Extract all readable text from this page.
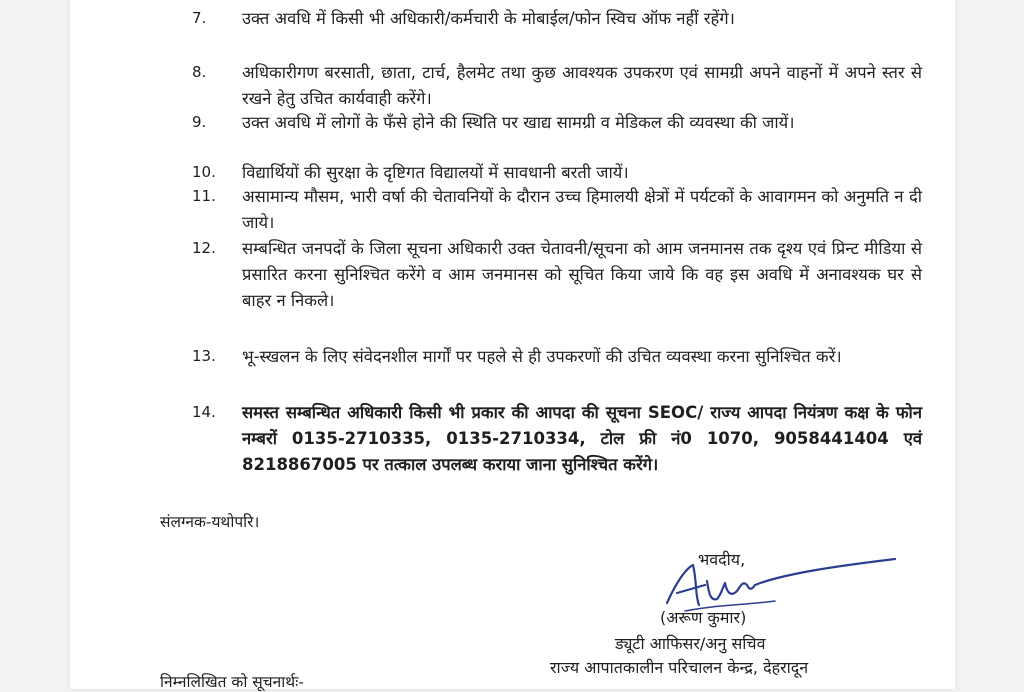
7. उक्त अवधि में किसी भी अधिकारी/कर्मचारी के मोबाईल/फोन स्विच ऑफ नहीं रहेंगे।
8. अधिकारीगण बरसाती, छाता, टार्च, हैलमेट तथा कुछ आवश्यक उपकरण एवं सामग्री अपने वाहनों में अपने स्तर से रखने हेतु उचित कार्यवाही करेंगे।
9. उक्त अवधि में लोगों के फँसे होने की स्थिति पर खाद्य सामग्री व मेडिकल की व्यवस्था की जायें।
10. विद्यार्थियों की सुरक्षा के दृष्टिगत विद्यालयों में सावधानी बरती जायें।
11. असामान्य मौसम, भारी वर्षा की चेतावनियों के दौरान उच्च हिमालयी क्षेत्रों में पर्यटकों के आवागमन को अनुमति न दी जाये।
12. सम्बन्धित जनपदों के जिला सूचना अधिकारी उक्त चेतावनी/सूचना को आम जनमानस तक दृश्य एवं प्रिन्ट मीडिया से प्रसारित करना सुनिश्चित करेंगे व आम जनमानस को सूचित किया जाये कि वह इस अवधि में अनावश्यक घर से बाहर न निकले।
13. भू-स्खलन के लिए संवेदनशील मार्गों पर पहले से ही उपकरणों की उचित व्यवस्था करना सुनिश्चित करें।
14. समस्त सम्बन्धित अधिकारी किसी भी प्रकार की आपदा की सूचना SEOC/ राज्य आपदा नियंत्रण कक्ष के फोन नम्बरों 0135-2710335, 0135-2710334, टोल फ्री नं0 1070, 9058441404 एवं 8218867005 पर तत्काल उपलब्ध कराया जाना सुनिश्चित करेंगे।
संलग्नक-यथोपरि।
भवदीय,
(अरूण कुमार)
ड्यूटी आफिसर/अनु सचिव
राज्य आपातकालीन परिचालन केन्द्र, देहरादून
निम्नलिखित को सूचनार्थः-
